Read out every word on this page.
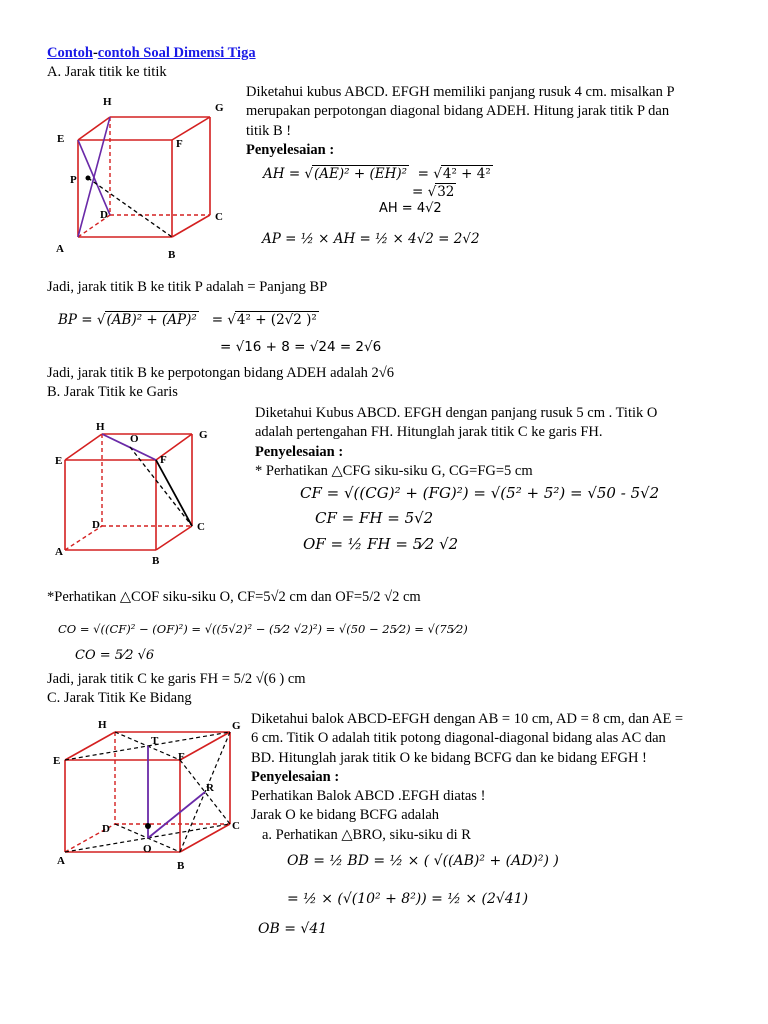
Contoh-contoh Soal Dimensi Tiga
A. Jarak titik ke titik
Diketahui kubus ABCD. EFGH memiliki panjang rusuk 4 cm. misalkan P
merupakan perpotongan diagonal bidang ADEH. Hitung jarak titik P dan
titik B !
Penyelesaian :
AH = √(AE)² + (EH)² = √4² + 4²
= √32
AH = 4√2
AP = ½ × AH = ½ × 4√2 = 2√2
H	G
E	F
P
D	C
A	B
Jadi, jarak titik B ke titik P adalah = Panjang BP
BP = √(AB)² + (AP)² = √4² + (2√2 )²
= √16 + 8 = √24 = 2√6
Jadi, jarak titik B ke perpotongan bidang ADEH adalah 2√6
B. Jarak Titik ke Garis
Diketahui Kubus ABCD. EFGH dengan panjang rusuk 5 cm . Titik O
adalah pertengahan FH. Hitunglah jarak titik C ke garis FH.
Penyelesaian :
* Perhatikan △CFG siku-siku G, CG=FG=5 cm
CF = √((CG)² + (FG)²) = √(5² + 5²) = √50 - 5√2
CF = FH = 5√2
OF = ½ FH = 5⁄2 √2
H
O	G
E	F
D	C
A
B
*Perhatikan △COF siku-siku O, CF=5√2 cm dan OF=5/2 √2 cm
CO = √((CF)² − (OF)²) = √((5√2)² − (5⁄2 √2)²) = √(50 − 25⁄2) = √(75⁄2)
CO = 5⁄2 √6
Jadi, jarak titik C ke garis FH = 5/2 √(6 ) cm
C. Jarak Titik Ke Bidang
Diketahui balok ABCD-EFGH dengan AB = 10 cm, AD = 8 cm, dan AE =
6 cm. Titik O adalah titik potong diagonal-diagonal bidang alas AC dan
BD. Hitunglah jarak titik O ke bidang BCFG dan ke bidang EFGH !
Penyelesaian :
Perhatikan Balok ABCD .EFGH diatas !
Jarak O ke bidang BCFG adalah
a. Perhatikan △BRO, siku-siku di R
OB = ½ BD = ½ × ( √((AB)² + (AD)²) )
= ½ × (√(10² + 8²)) = ½ × (2√41)
OB = √41
H
T
G
E	F
R
D	C
O
A	B
